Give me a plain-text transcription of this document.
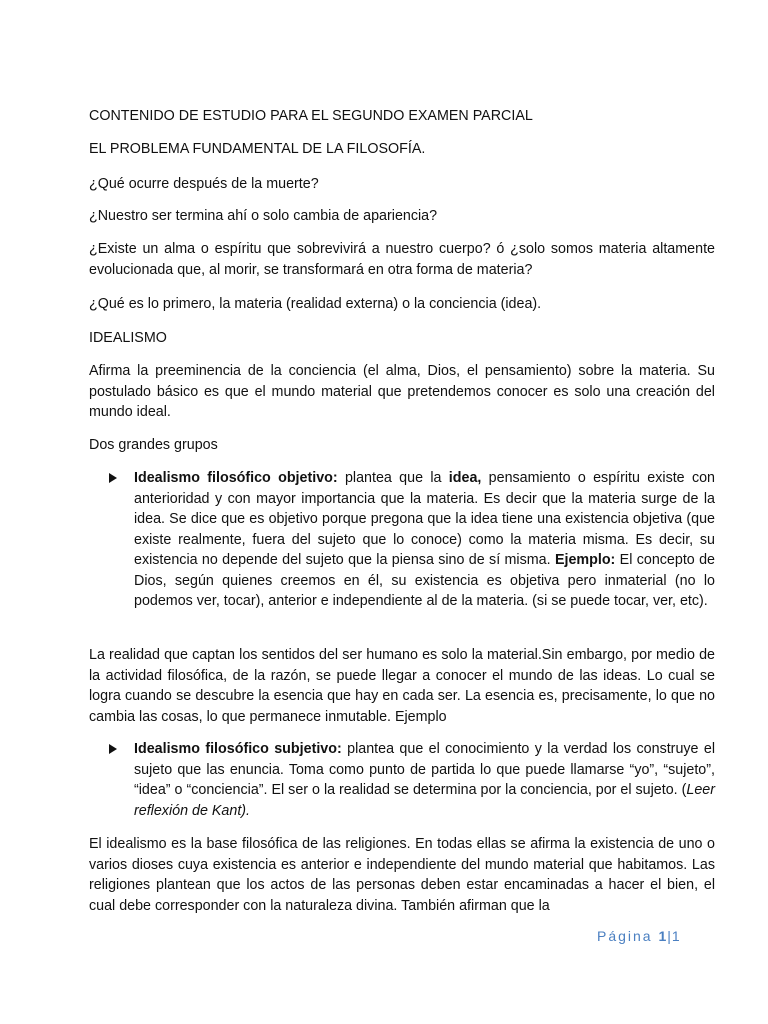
CONTENIDO DE ESTUDIO PARA EL SEGUNDO EXAMEN PARCIAL

EL PROBLEMA FUNDAMENTAL DE LA FILOSOFÍA.

¿Qué ocurre después de la muerte?

¿Nuestro ser termina ahí o solo cambia de apariencia?

¿Existe un alma o espíritu que sobrevivirá a nuestro cuerpo? ó ¿solo somos materia altamente evolucionada que, al morir, se transformará en otra forma de materia?

¿Qué es lo primero, la materia (realidad externa) o la conciencia (idea).

IDEALISMO

Afirma la preeminencia de la conciencia (el alma, Dios, el pensamiento) sobre la materia. Su postulado básico es que el mundo material que pretendemos conocer es solo una creación del mundo ideal.

Dos grandes grupos

Idealismo filosófico objetivo: plantea que la idea, pensamiento o espíritu existe con anterioridad y con mayor importancia que la materia. Es decir que la materia surge de la idea. Se dice que es objetivo porque pregona que la idea tiene una existencia objetiva (que existe realmente, fuera del sujeto que lo conoce) como la materia misma. Es decir, su existencia no depende del sujeto que la piensa sino de sí misma. Ejemplo: El concepto de Dios, según quienes creemos en él, su existencia es objetiva pero inmaterial (no lo podemos ver, tocar), anterior e independiente al de la materia. (si se puede tocar, ver, etc).

La realidad que captan los sentidos del ser humano es solo la material.Sin embargo, por medio de la actividad filosófica, de la razón, se puede llegar a conocer el mundo de las ideas. Lo cual se logra cuando se descubre la esencia que hay en cada ser. La esencia es, precisamente, lo que no cambia las cosas, lo que permanece inmutable. Ejemplo

Idealismo filosófico subjetivo: plantea que el conocimiento y la verdad los construye el sujeto que las enuncia. Toma como punto de partida lo que puede llamarse “yo”, “sujeto”, “idea” o “conciencia”. El ser o la realidad se determina por la conciencia, por el sujeto. (Leer reflexión de Kant).

El idealismo es la base filosófica de las religiones. En todas ellas se afirma la existencia de uno o varios dioses cuya existencia es anterior e independiente del mundo material que habitamos. Las religiones plantean que los actos de las personas deben estar encaminadas a hacer el bien, el cual debe corresponder con la naturaleza divina. También afirman que la

Página 1|1
